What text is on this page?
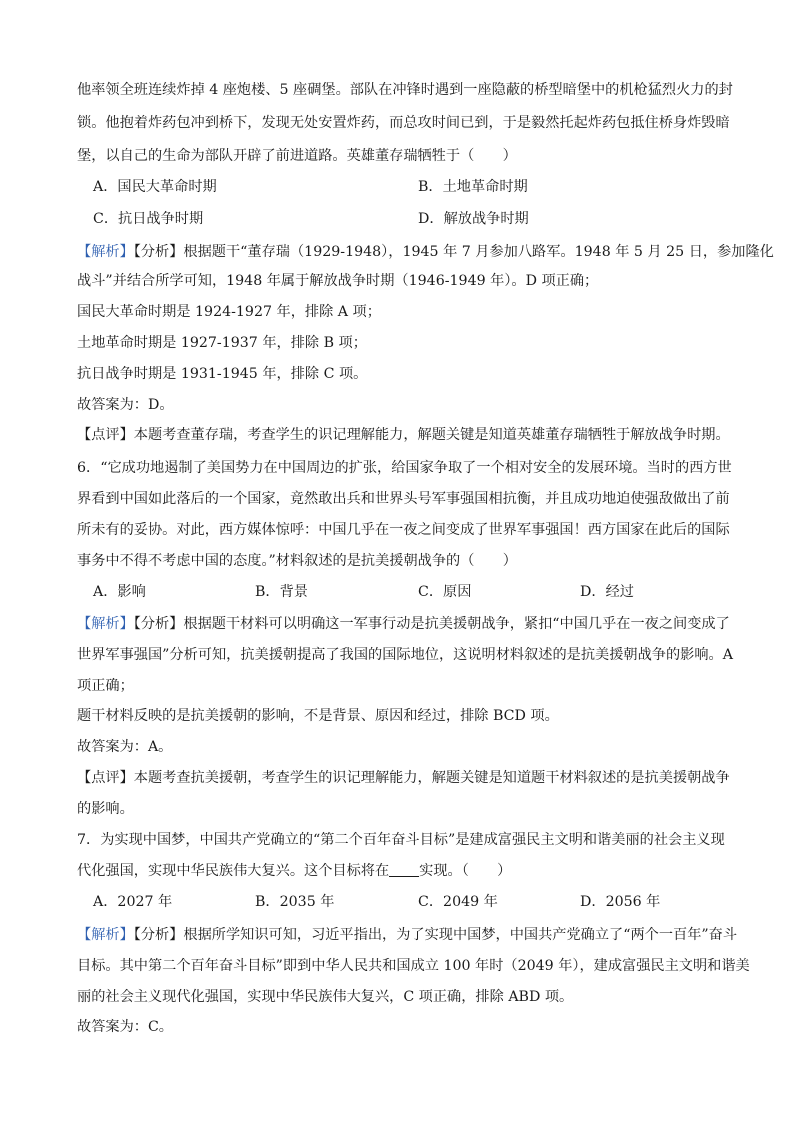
他率领全班连续炸掉 4 座炮楼、5 座碉堡。部队在冲锋时遇到一座隐蔽的桥型暗堡中的机枪猛烈火力的封
锁。他抱着炸药包冲到桥下，发现无处安置炸药，而总攻时间已到，于是毅然托起炸药包抵住桥身炸毁暗
堡，以自己的生命为部队开辟了前进道路。英雄董存瑞牺牲于（　　）
A．国民大革命时期	B．土地革命时期
C．抗日战争时期	D．解放战争时期
【解析】【分析】根据题干“董存瑞（1929-1948），1945 年 7 月参加八路军。1948 年 5 月 25 日，参加隆化
战斗”并结合所学可知，1948 年属于解放战争时期（1946-1949 年）。D 项正确；
国民大革命时期是 1924-1927 年，排除 A 项；
土地革命时期是 1927-1937 年，排除 B 项；
抗日战争时期是 1931-1945 年，排除 C 项。
故答案为：D。
【点评】本题考查董存瑞，考查学生的识记理解能力，解题关键是知道英雄董存瑞牺牲于解放战争时期。
6．“它成功地遏制了美国势力在中国周边的扩张，给国家争取了一个相对安全的发展环境。当时的西方世
界看到中国如此落后的一个国家，竟然敢出兵和世界头号军事强国相抗衡，并且成功地迫使强敌做出了前
所未有的妥协。对此，西方媒体惊呼：中国几乎在一夜之间变成了世界军事强国！西方国家在此后的国际
事务中不得不考虑中国的态度。”材料叙述的是抗美援朝战争的（　　）
A．影响	B．背景	C．原因	D．经过
【解析】【分析】根据题干材料可以明确这一军事行动是抗美援朝战争，紧扣“中国几乎在一夜之间变成了
世界军事强国”分析可知，抗美援朝提高了我国的国际地位，这说明材料叙述的是抗美援朝战争的影响。A
项正确；
题干材料反映的是抗美援朝的影响，不是背景、原因和经过，排除 BCD 项。
故答案为：A。
【点评】本题考查抗美援朝，考查学生的识记理解能力，解题关键是知道题干材料叙述的是抗美援朝战争
的影响。
7．为实现中国梦，中国共产党确立的“第二个百年奋斗目标”是建成富强民主文明和谐美丽的社会主义现
代化强国，实现中华民族伟大复兴。这个目标将在 实现。（　　）
A．2027 年	B．2035 年	C．2049 年	D．2056 年
【解析】【分析】根据所学知识可知，习近平指出，为了实现中国梦，中国共产党确立了“两个一百年”奋斗
目标。其中第二个百年奋斗目标”即到中华人民共和国成立 100 年时（2049 年），建成富强民主文明和谐美
丽的社会主义现代化强国，实现中华民族伟大复兴，C 项正确，排除 ABD 项。
故答案为：C。
